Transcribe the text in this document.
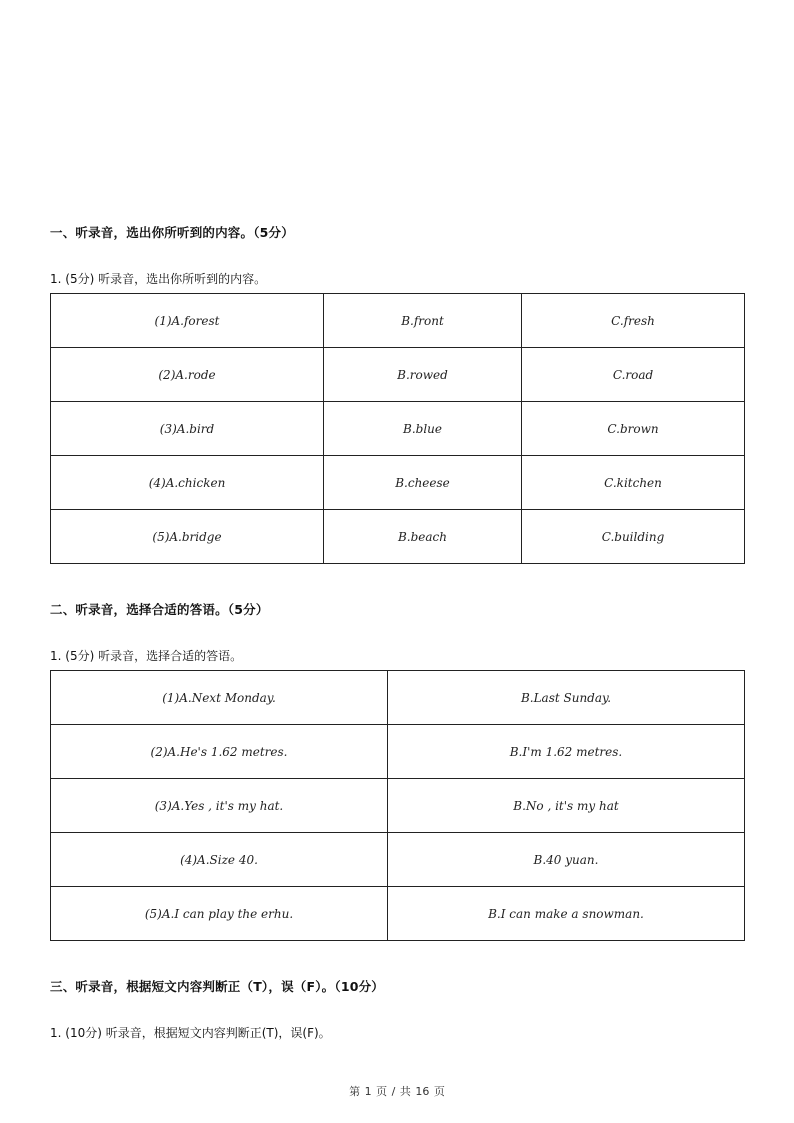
一、听录音，选出你所听到的内容。（5分）
1. (5分) 听录音，选出你所听到的内容。
(1)A.forest	B.front	C.fresh
(2)A.rode	B.rowed	C.road
(3)A.bird	B.blue	C.brown
(4)A.chicken	B.cheese	C.kitchen
(5)A.bridge	B.beach	C.building
二、听录音，选择合适的答语。（5分）
1. (5分) 听录音，选择合适的答语。
(1)A.Next Monday.	B.Last Sunday.
(2)A.He's 1.62 metres.	B.I'm 1.62 metres.
(3)A.Yes , it's my hat.	B.No , it's my hat
(4)A.Size 40.	B.40 yuan.
(5)A.I can play the erhu.	B.I can make a snowman.
三、听录音，根据短文内容判断正（T），误（F）。（10分）
1. (10分) 听录音，根据短文内容判断正(T)，误(F)。
第 1 页 / 共 16 页
